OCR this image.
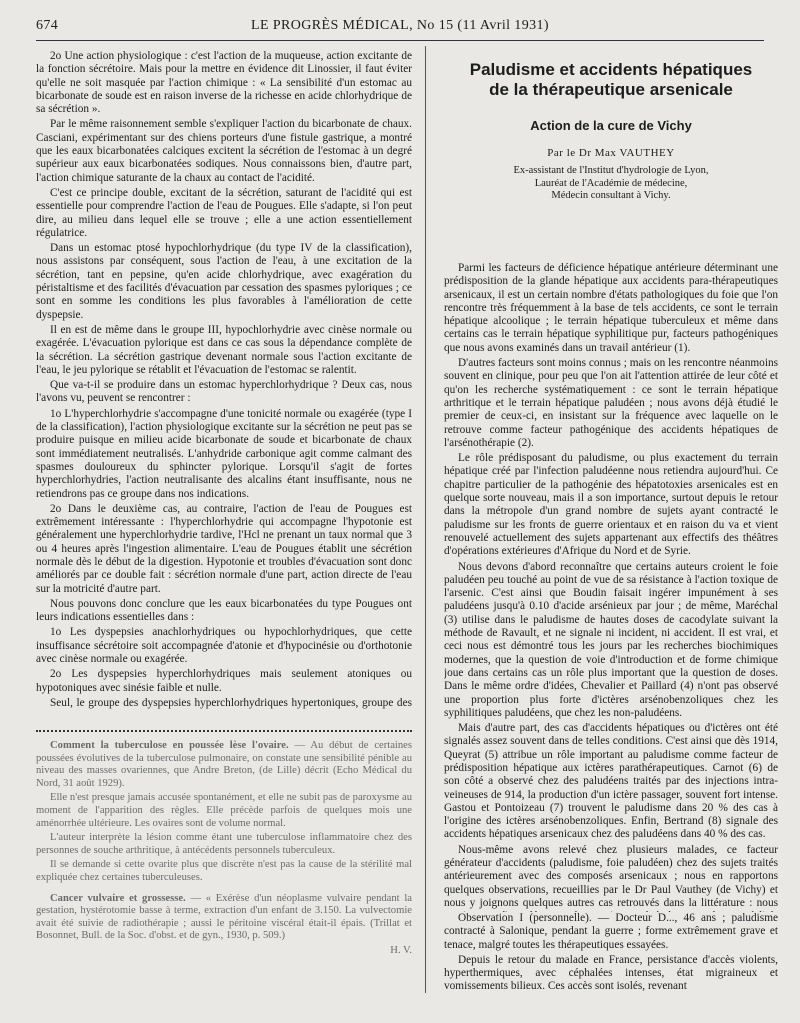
674	LE PROGRÈS MÉDICAL, No 15 (11 Avril 1931)

2o Une action physiologique : c'est l'action de la muqueuse, action excitante de la fonction sécrétoire. Mais pour la mettre en évidence dit Linossier, il faut éviter qu'elle ne soit masquée par l'action chimique : « La sensibilité d'un estomac au bicarbonate de soude est en raison inverse de la richesse en acide chlorhydrique de sa sécrétion ».

Par le même raisonnement semble s'expliquer l'action du bicarbonate de chaux. Casciani, expérimentant sur des chiens porteurs d'une fistule gastrique, a montré que les eaux bicarbonatées calciques excitent la sécrétion de l'estomac à un degré supérieur aux eaux bicarbonatées sodiques. Nous connaissons bien, d'autre part, l'action chimique saturante de la chaux au contact de l'acidité.

C'est ce principe double, excitant de la sécrétion, saturant de l'acidité qui est essentielle pour comprendre l'action de l'eau de Pougues. Elle s'adapte, si l'on peut dire, au milieu dans lequel elle se trouve ; elle a une action essentiellement régulatrice.

Dans un estomac ptosé hypochlorhydrique (du type IV de la classification), nous assistons par conséquent, sous l'action de l'eau, à une excitation de la sécrétion, tant en pepsine, qu'en acide chlorhydrique, avec exagération du péristaltisme et des facilités d'évacuation par cessation des spasmes pyloriques ; ce sont en somme les conditions les plus favorables à l'amélioration de cette dyspepsie.

Il en est de même dans le groupe III, hypochlorhydrie avec cinèse normale ou exagérée. L'évacuation pylorique est dans ce cas sous la dépendance complète de la sécrétion. La sécrétion gastrique devenant normale sous l'action excitante de l'eau, le jeu pylorique se rétablit et l'évacuation de l'estomac se ralentit.

Que va-t-il se produire dans un estomac hyperchlorhydrique ? Deux cas, nous l'avons vu, peuvent se rencontrer :

1o L'hyperchlorhydrie s'accompagne d'une tonicité normale ou exagérée (type I de la classification), l'action physiologique excitante sur la sécrétion ne peut pas se produire puisque en milieu acide bicarbonate de soude et bicarbonate de chaux sont immédiatement neutralisés. L'anhydride carbonique agit comme calmant des spasmes douloureux du sphincter pylorique. Lorsqu'il s'agit de fortes hyperchlorhydries, l'action neutralisante des alcalins étant insuffisante, nous ne retiendrons pas ce groupe dans nos indications.

2o Dans le deuxième cas, au contraire, l'action de l'eau de Pougues est extrêmement intéressante : l'hyperchlorhydrie qui accompagne l'hypotonie est généralement une hyperchlorhydrie tardive, l'Hcl ne prenant un taux normal que 3 ou 4 heures après l'ingestion alimentaire. L'eau de Pougues établit une sécrétion normale dès le début de la digestion. Hypotonie et troubles d'évacuation sont donc améliorés par ce double fait : sécrétion normale d'une part, action directe de l'eau sur la motricité d'autre part.

Nous pouvons donc conclure que les eaux bicarbonatées du type Pougues ont leurs indications essentielles dans :

1o Les dyspepsies anachlorhydriques ou hypochlorhydriques, que cette insuffisance sécrétoire soit accompagnée d'atonie et d'hypocinésie ou d'orthotonie avec cinèse normale ou exagérée.

2o Les dyspepsies hyperchlorhydriques mais seulement atoniques ou hypotoniques avec sinésie faible et nulle.

Seul, le groupe des dyspepsies hyperchlorhydriques hypertoniques, groupe des

Comment la tuberculose en poussée lèse l'ovaire. — Au début de certaines poussées évolutives de la tuberculose pulmonaire, on constate une sensibilité pénible au niveau des masses ovariennes, que Andre Breton, (de Lille) décrit (Echo Médical du Nord, 31 août 1929).

Elle n'est presque jamais accusée spontanément, et elle ne subit pas de paroxysme au moment de l'apparition des règles. Elle précède parfois de quelques mois une aménorrhée ultérieure. Les ovaires sont de volume normal.

L'auteur interprète la lésion comme étant une tuberculose inflammatoire chez des personnes de souche arthritique, à antécédents personnels tuberculeux.

Il se demande si cette ovarite plus que discrète n'est pas la cause de la stérilité mal expliquée chez certaines tuberculeuses.

Cancer vulvaire et grossesse. — « Exérèse d'un néoplasme vulvaire pendant la gestation, hystérotomie basse à terme, extraction d'un enfant de 3.150. La vulvectomie avait été suivie de radiothérapie ; aussi le péritoine viscéral était-il épais. (Trillat et Bosonnet, Bull. de la Soc. d'obst. et de gyn., 1930, p. 509.)

H. V.

Paludisme et accidents hépatiques
de la thérapeutique arsenicale
Action de la cure de Vichy
Par le Dr Max VAUTHEY
Ex-assistant de l'Institut d'hydrologie de Lyon,
Lauréat de l'Académie de médecine,
Médecin consultant à Vichy.

Parmi les facteurs de déficience hépatique antérieure déterminant une prédisposition de la glande hépatique aux accidents para-thérapeutiques arsenicaux, il est un certain nombre d'états pathologiques du foie que l'on rencontre très fréquemment à la base de tels accidents, ce sont le terrain hépatique alcoolique ; le terrain hépatique tuberculeux et même dans certains cas le terrain hépatique syphilitique pur, facteurs pathogéniques que nous avons examinés dans un travail antérieur (1).

D'autres facteurs sont moins connus ; mais on les rencontre néanmoins souvent en clinique, pour peu que l'on ait l'attention attirée de leur côté et qu'on les recherche systématiquement : ce sont le terrain hépatique arthritique et le terrain hépatique paludéen ; nous avons déjà étudié le premier de ceux-ci, en insistant sur la fréquence avec laquelle on le retrouve comme facteur pathogénique des accidents hépatiques de l'arsénothérapie (2).

Le rôle prédisposant du paludisme, ou plus exactement du terrain hépatique créé par l'infection paludéenne nous retiendra aujourd'hui. Ce chapitre particulier de la pathogénie des hépatotoxies arsenicales est en quelque sorte nouveau, mais il a son importance, surtout depuis le retour dans la métropole d'un grand nombre de sujets ayant contracté le paludisme sur les fronts de guerre orientaux et en raison du va et vient renouvelé actuellement des sujets appartenant aux effectifs des théâtres d'opérations extérieures d'Afrique du Nord et de Syrie.

Nous devons d'abord reconnaître que certains auteurs croient le foie paludéen peu touché au point de vue de sa résistance à l'action toxique de l'arsenic. C'est ainsi que Boudin faisait ingérer impunément à ses paludéens jusqu'à 0.10 d'acide arsénieux par jour ; de même, Maréchal (3) utilise dans le paludisme de hautes doses de cacodylate suivant la méthode de Ravault, et ne signale ni incident, ni accident. Il est vrai, et ceci nous est démontré tous les jours par les recherches biochimiques modernes, que la question de voie d'introduction et de forme chimique joue dans certains cas un rôle plus important que la question de doses. Dans le même ordre d'idées, Chevalier et Paillard (4) n'ont pas observé une proportion plus forte d'ictères arsénobenzoliques chez les syphilitiques paludéens, que chez les non-paludéens.

Mais d'autre part, des cas d'accidents hépatiques ou d'ictères ont été signalés assez souvent dans de telles conditions. C'est ainsi que dès 1914, Queyrat (5) attribue un rôle important au paludisme comme facteur de prédisposition hépatique aux ictères parathérapeutiques. Carnot (6) de son côté a observé chez des paludéens traités par des injections intra-veineuses de 914, la production d'un ictère passager, souvent fort intense. Gastou et Pontoizeau (7) trouvent le paludisme dans 20 % des cas à l'origine des ictères arsénobenzoliques. Enfin, Bertrand (8) signale des accidents hépatiques arsenicaux chez des paludéens dans 40 % des cas.

Nous-même avons relevé chez plusieurs malades, ce facteur générateur d'accidents (paludisme, foie paludéen) chez des sujets traités antérieurement avec des composés arsenicaux ; nous en rapportons quelques observations, recueillies par le Dr Paul Vauthey (de Vichy) et nous y joignons quelques autres cas retrouvés dans la littérature : nous

Observation I (personnelle). — Docteur D..., 46 ans ; paludisme contracté à Salonique, pendant la guerre ; forme extrêmement grave et tenace, malgré toutes les thérapeutiques essayées.

Depuis le retour du malade en France, persistance d'accès violents, hyperthermiques, avec céphalées intenses, état migraineux et vomissements bilieux. Ces accès sont isolés, revenant
